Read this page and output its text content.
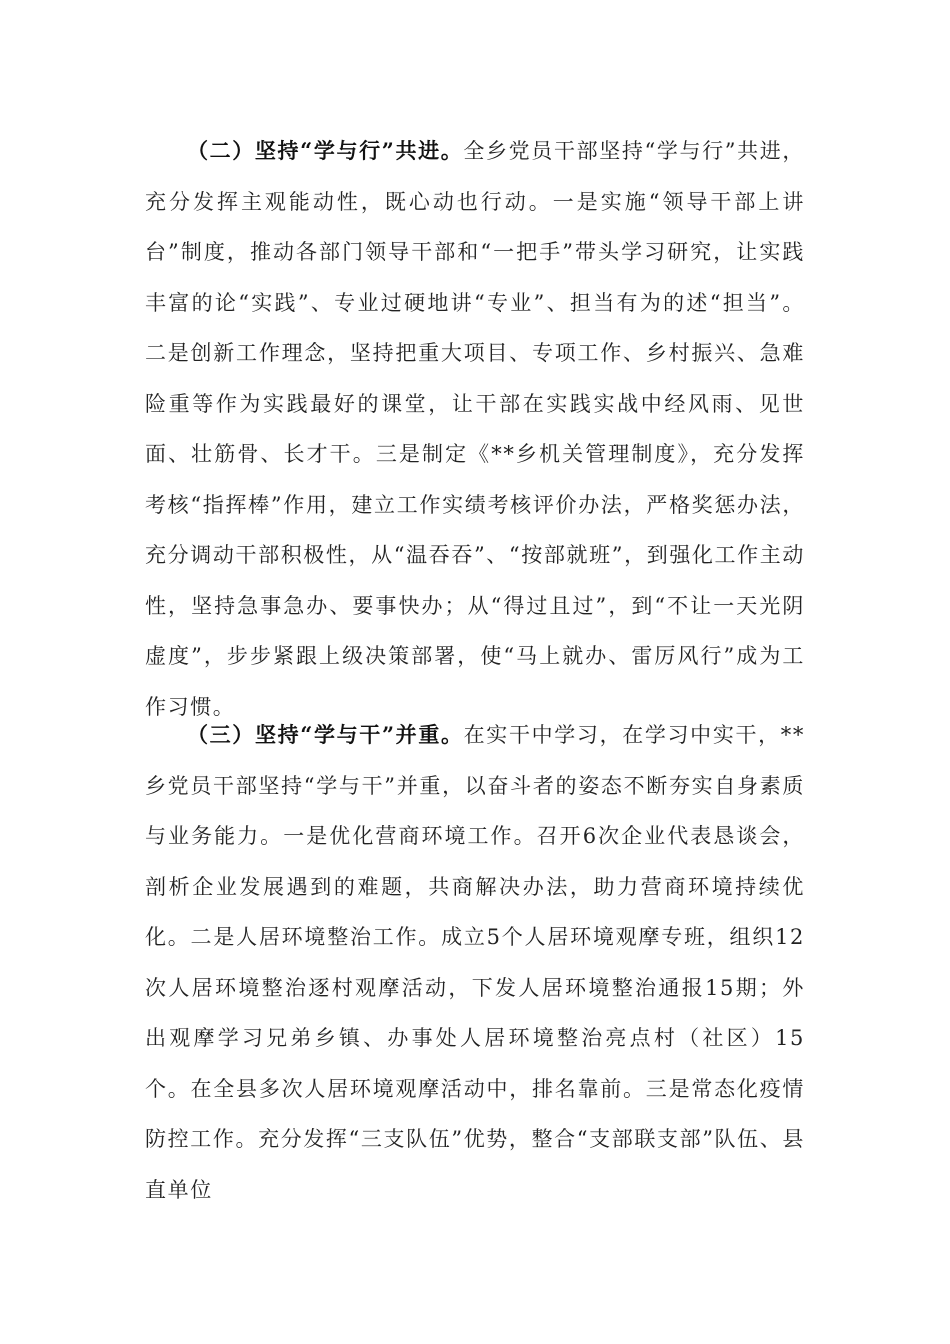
（二）坚持“学与行”共进。全乡党员干部坚持“学与行”共进，充分发挥主观能动性，既心动也行动。一是实施“领导干部上讲台”制度，推动各部门领导干部和“一把手”带头学习研究，让实践丰富的论“实践”、专业过硬地讲“专业”、担当有为的述“担当”。二是创新工作理念，坚持把重大项目、专项工作、乡村振兴、急难险重等作为实践最好的课堂，让干部在实践实战中经风雨、见世面、壮筋骨、长才干。三是制定《**乡机关管理制度》，充分发挥考核“指挥棒”作用，建立工作实绩考核评价办法，严格奖惩办法，充分调动干部积极性，从“温吞吞”、“按部就班”，到强化工作主动性，坚持急事急办、要事快办；从“得过且过”，到“不让一天光阴虚度”，步步紧跟上级决策部署，使“马上就办、雷厉风行”成为工作习惯。

（三）坚持“学与干”并重。在实干中学习，在学习中实干，**乡党员干部坚持“学与干”并重，以奋斗者的姿态不断夯实自身素质与业务能力。一是优化营商环境工作。召开6次企业代表恳谈会，剖析企业发展遇到的难题，共商解决办法，助力营商环境持续优化。二是人居环境整治工作。成立5个人居环境观摩专班，组织12次人居环境整治逐村观摩活动，下发人居环境整治通报15期；外出观摩学习兄弟乡镇、办事处人居环境整治亮点村（社区）15个。在全县多次人居环境观摩活动中，排名靠前。三是常态化疫情防控工作。充分发挥“三支队伍”优势，整合“支部联支部”队伍、县直单位
